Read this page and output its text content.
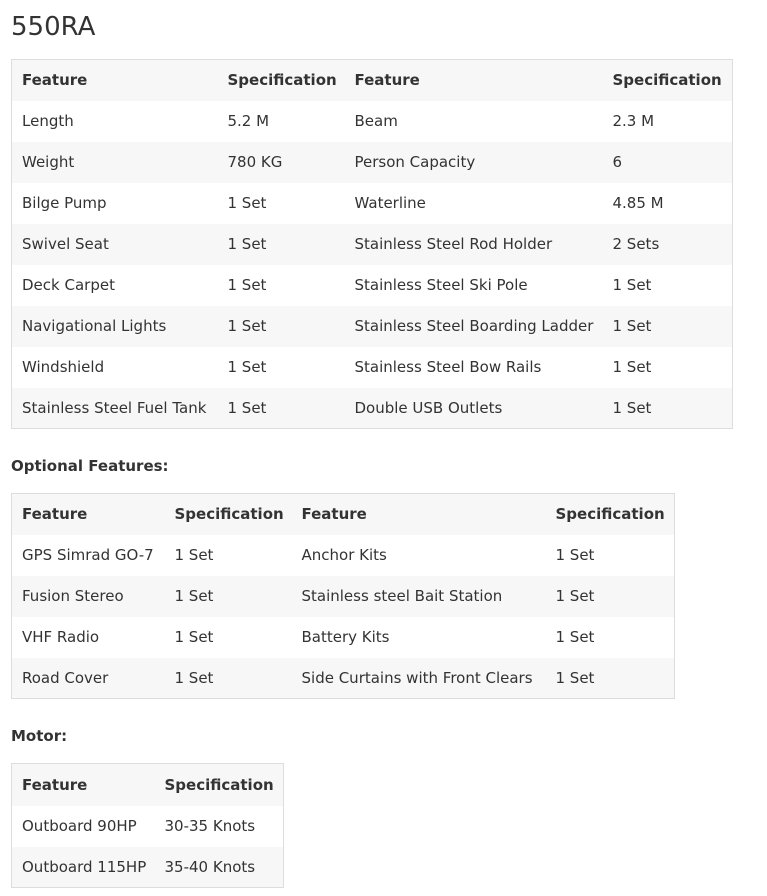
550RA
Feature	Specification	Feature	Specification
Length	5.2 M	Beam	2.3 M
Weight	780 KG	Person Capacity	6
Bilge Pump	1 Set	Waterline	4.85 M
Swivel Seat	1 Set	Stainless Steel Rod Holder	2 Sets
Deck Carpet	1 Set	Stainless Steel Ski Pole	1 Set
Navigational Lights	1 Set	Stainless Steel Boarding Ladder	1 Set
Windshield	1 Set	Stainless Steel Bow Rails	1 Set
Stainless Steel Fuel Tank	1 Set	Double USB Outlets	1 Set
Optional Features:
Feature	Specification	Feature	Specification
GPS Simrad GO-7	1 Set	Anchor Kits	1 Set
Fusion Stereo	1 Set	Stainless steel Bait Station	1 Set
VHF Radio	1 Set	Battery Kits	1 Set
Road Cover	1 Set	Side Curtains with Front Clears	1 Set
Motor:
Feature	Specification
Outboard 90HP	30-35 Knots
Outboard 115HP	35-40 Knots
